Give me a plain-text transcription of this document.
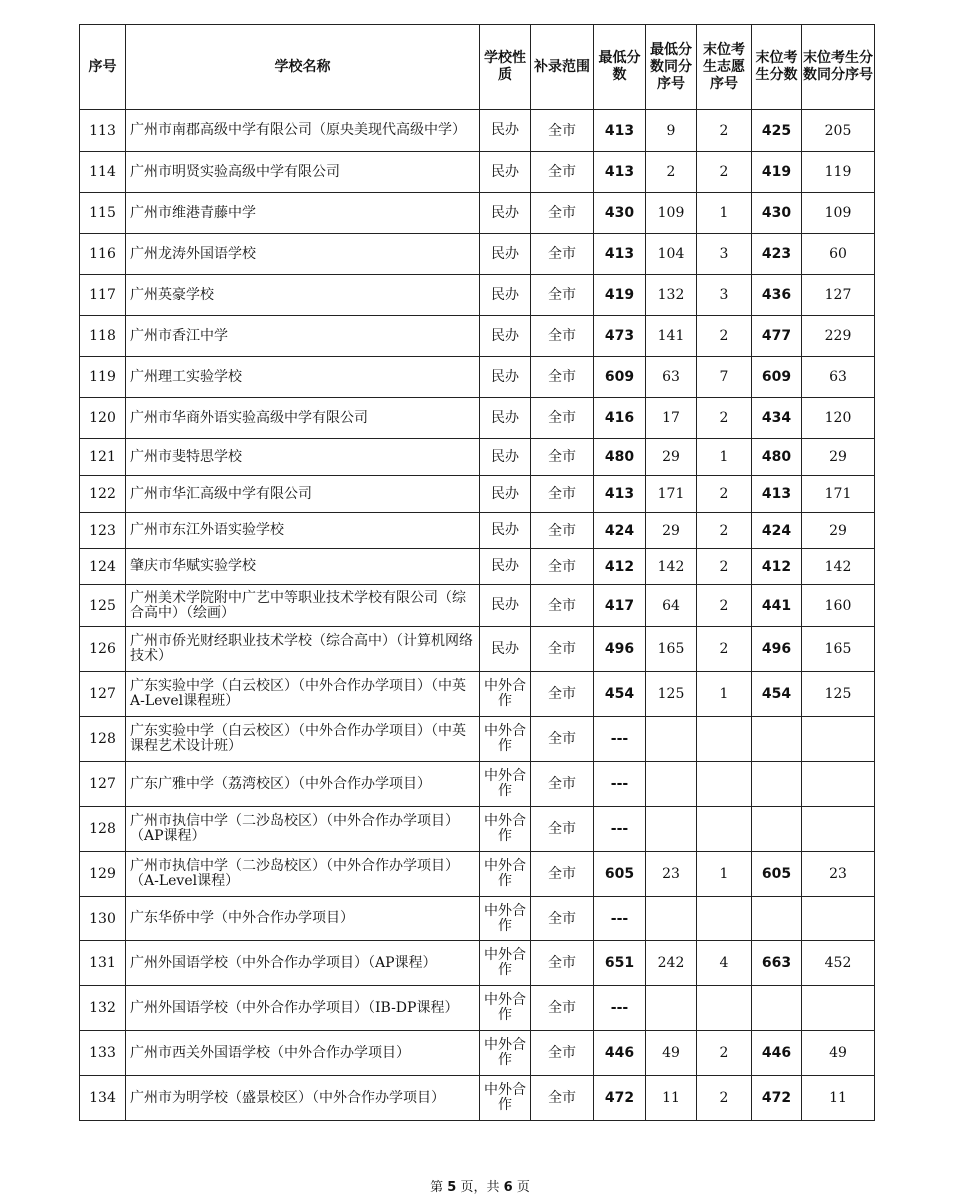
序号	学校名称	学校性质	补录范围	最低分数	最低分数同分序号	末位考生志愿序号	末位考生分数	末位考生分数同分序号
113	广州市南郡高级中学有限公司（原央美现代高级中学）	民办	全市	413	9	2	425	205
114	广州市明贤实验高级中学有限公司	民办	全市	413	2	2	419	119
115	广州市维港青藤中学	民办	全市	430	109	1	430	109
116	广州龙涛外国语学校	民办	全市	413	104	3	423	60
117	广州英豪学校	民办	全市	419	132	3	436	127
118	广州市香江中学	民办	全市	473	141	2	477	229
119	广州理工实验学校	民办	全市	609	63	7	609	63
120	广州市华商外语实验高级中学有限公司	民办	全市	416	17	2	434	120
121	广州市斐特思学校	民办	全市	480	29	1	480	29
122	广州市华汇高级中学有限公司	民办	全市	413	171	2	413	171
123	广州市东江外语实验学校	民办	全市	424	29	2	424	29
124	肇庆市华赋实验学校	民办	全市	412	142	2	412	142
125	广州美术学院附中广艺中等职业技术学校有限公司（综合高中）（绘画）	民办	全市	417	64	2	441	160
126	广州市侨光财经职业技术学校（综合高中）（计算机网络技术）	民办	全市	496	165	2	496	165
127	广东实验中学（白云校区）（中外合作办学项目）（中英A-Level课程班）	中外合作	全市	454	125	1	454	125
128	广东实验中学（白云校区）（中外合作办学项目）（中英课程艺术设计班）	中外合作	全市	---				
127	广东广雅中学（荔湾校区）（中外合作办学项目）	中外合作	全市	---				
128	广州市执信中学（二沙岛校区）（中外合作办学项目）（AP课程）	中外合作	全市	---				
129	广州市执信中学（二沙岛校区）（中外合作办学项目）（A-Level课程）	中外合作	全市	605	23	1	605	23
130	广东华侨中学（中外合作办学项目）	中外合作	全市	---				
131	广州外国语学校（中外合作办学项目）（AP课程）	中外合作	全市	651	242	4	663	452
132	广州外国语学校（中外合作办学项目）（IB-DP课程）	中外合作	全市	---				
133	广州市西关外国语学校（中外合作办学项目）	中外合作	全市	446	49	2	446	49
134	广州市为明学校（盛景校区）（中外合作办学项目）	中外合作	全市	472	11	2	472	11
第 5 页，共 6 页
